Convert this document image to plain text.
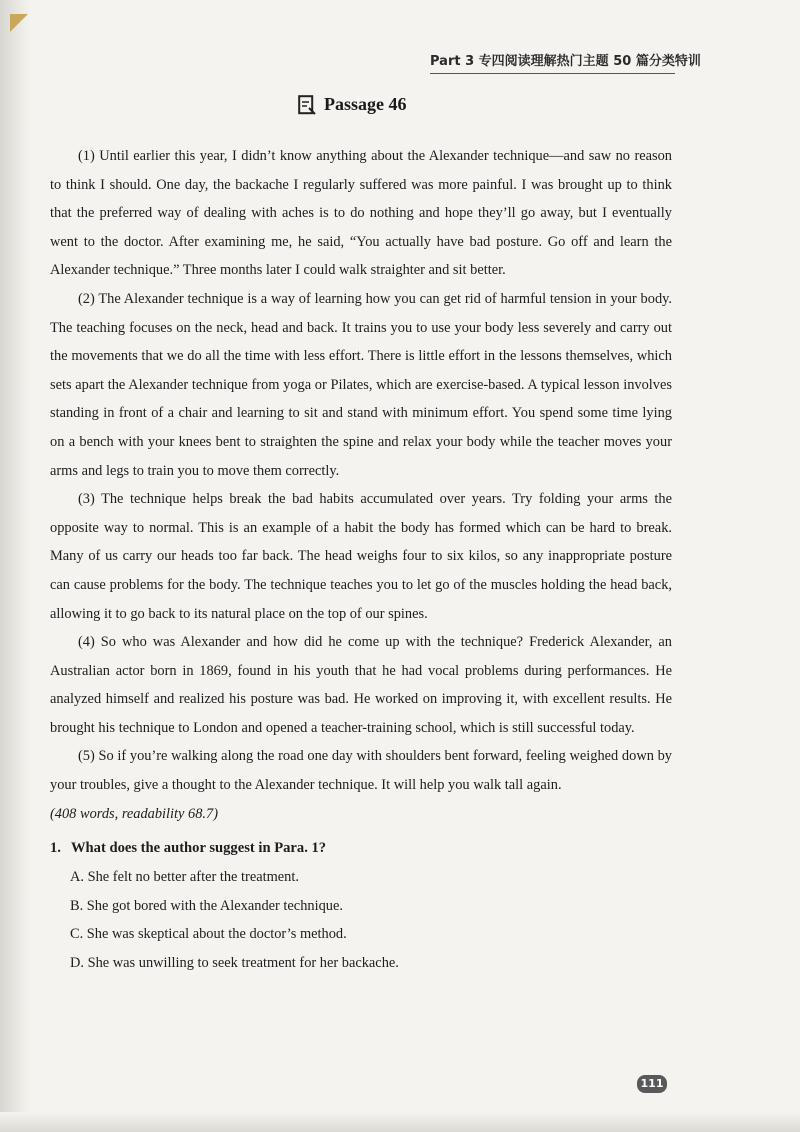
Part 3 专四阅读理解热门主题 50 篇分类特训
Passage 46

(1) Until earlier this year, I didn’t know anything about the Alexander technique—and saw no reason to think I should. One day, the backache I regularly suffered was more painful. I was brought up to think that the preferred way of dealing with aches is to do nothing and hope they’ll go away, but I eventually went to the doctor. After examining me, he said, “You actually have bad posture. Go off and learn the Alexander technique.” Three months later I could walk straighter and sit better.

(2) The Alexander technique is a way of learning how you can get rid of harmful tension in your body. The teaching focuses on the neck, head and back. It trains you to use your body less severely and carry out the movements that we do all the time with less effort. There is little effort in the lessons themselves, which sets apart the Alexander technique from yoga or Pilates, which are exercise-based. A typical lesson involves standing in front of a chair and learning to sit and stand with minimum effort. You spend some time lying on a bench with your knees bent to straighten the spine and relax your body while the teacher moves your arms and legs to train you to move them correctly.

(3) The technique helps break the bad habits accumulated over years. Try folding your arms the opposite way to normal. This is an example of a habit the body has formed which can be hard to break. Many of us carry our heads too far back. The head weighs four to six kilos, so any inappropriate posture can cause problems for the body. The technique teaches you to let go of the muscles holding the head back, allowing it to go back to its natural place on the top of our spines.

(4) So who was Alexander and how did he come up with the technique? Frederick Alexander, an Australian actor born in 1869, found in his youth that he had vocal problems during performances. He analyzed himself and realized his posture was bad. He worked on improving it, with excellent results. He brought his technique to London and opened a teacher-training school, which is still successful today.

(5) So if you’re walking along the road one day with shoulders bent forward, feeling weighed down by your troubles, give a thought to the Alexander technique. It will help you walk tall again.

(408 words, readability 68.7)

1. What does the author suggest in Para. 1?
A. She felt no better after the treatment.
B. She got bored with the Alexander technique.
C. She was skeptical about the doctor’s method.
D. She was unwilling to seek treatment for her backache.
111
